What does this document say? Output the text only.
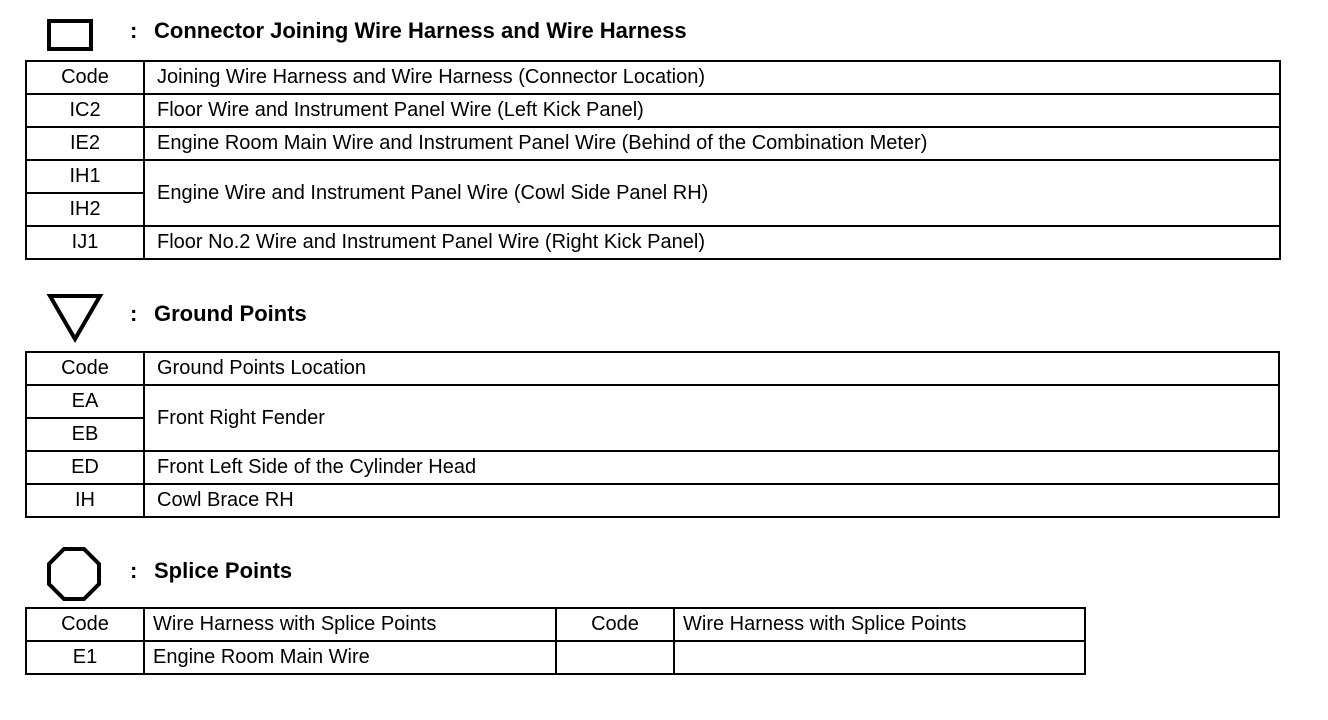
: Connector Joining Wire Harness and Wire Harness
Code	Joining Wire Harness and Wire Harness (Connector Location)
IC2	Floor Wire and Instrument Panel Wire (Left Kick Panel)
IE2	Engine Room Main Wire and Instrument Panel Wire (Behind of the Combination Meter)
IH1	Engine Wire and Instrument Panel Wire (Cowl Side Panel RH)
IH2	
IJ1	Floor No.2 Wire and Instrument Panel Wire (Right Kick Panel)
: Ground Points
Code	Ground Points Location
EA	Front Right Fender
EB	
ED	Front Left Side of the Cylinder Head
IH	Cowl Brace RH
: Splice Points
Code	Wire Harness with Splice Points	Code	Wire Harness with Splice Points
E1	Engine Room Main Wire		
